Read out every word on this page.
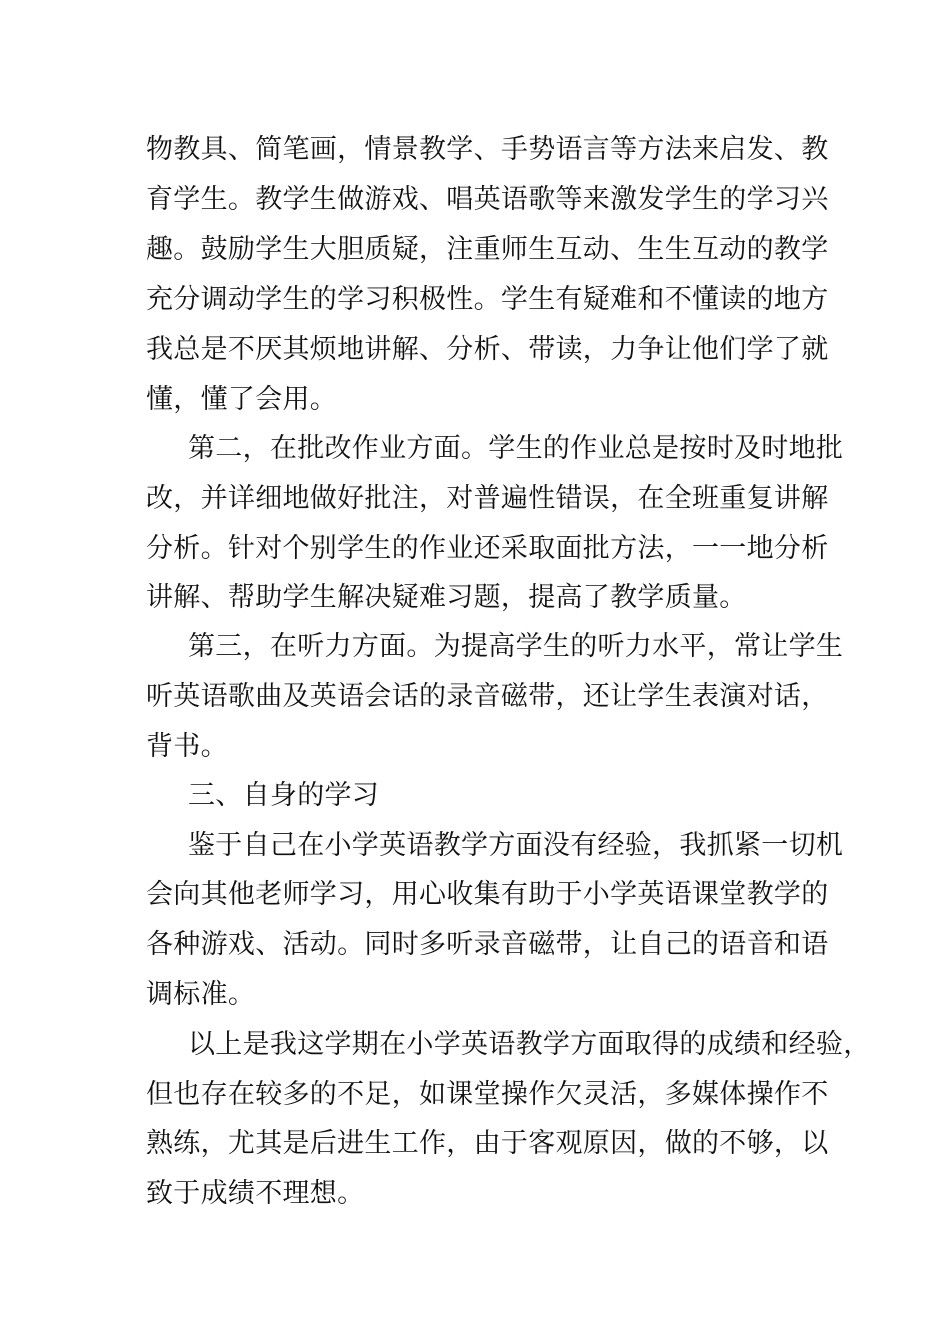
物教具、简笔画，情景教学、手势语言等方法来启发、教

育学生。教学生做游戏、唱英语歌等来激发学生的学习兴

趣。鼓励学生大胆质疑，注重师生互动、生生互动的教学

充分调动学生的学习积极性。学生有疑难和不懂读的地方

我总是不厌其烦地讲解、分析、带读，力争让他们学了就

懂，懂了会用。

第二，在批改作业方面。学生的作业总是按时及时地批

改，并详细地做好批注，对普遍性错误，在全班重复讲解

分析。针对个别学生的作业还采取面批方法，一一地分析

讲解、帮助学生解决疑难习题，提高了教学质量。

第三，在听力方面。为提高学生的听力水平，常让学生

听英语歌曲及英语会话的录音磁带，还让学生表演对话，

背书。

三、自身的学习

鉴于自己在小学英语教学方面没有经验，我抓紧一切机

会向其他老师学习，用心收集有助于小学英语课堂教学的

各种游戏、活动。同时多听录音磁带，让自己的语音和语

调标准。

以上是我这学期在小学英语教学方面取得的成绩和经验，

但也存在较多的不足，如课堂操作欠灵活，多媒体操作不

熟练，尤其是后进生工作，由于客观原因，做的不够，以

致于成绩不理想。
